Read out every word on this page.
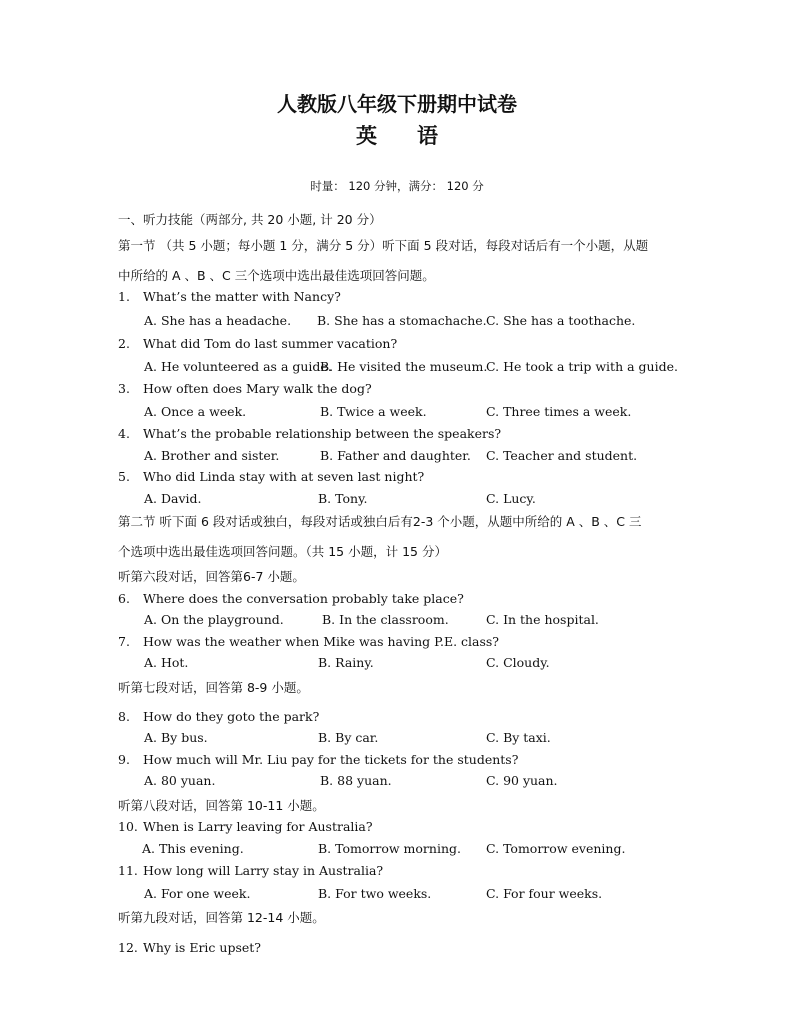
人教版八年级下册期中试卷
英语
时量： 120 分钟，满分： 120 分
一、听力技能（两部分, 共 20 小题, 计 20 分）
第一节 （共 5 小题；每小题 1 分，满分 5 分）听下面 5 段对话，每段对话后有一个小题，从题
中所给的 A 、B 、C 三个选项中选出最佳选项回答问题。
1. What’s the matter with Nancy?
A. She has a headache. B. She has a stomachache. C. She has a toothache.
2. What did Tom do last summer vacation?
A. He volunteered as a guide.
B. He visited the museum.
C. He took a trip with a guide.
3. How often does Mary walk the dog?
A. Once a week.	B. Twice a week.	C. Three times a week.
4. What’s the probable relationship between the speakers?
A. Brother and sister.	B. Father and daughter. C. Teacher and student.
5. Who did Linda stay with at seven last night?
A. David.	B. Tony.	C. Lucy.
第二节 听下面 6 段对话或独白，每段对话或独白后有2-3 个小题，从题中所给的 A 、B 、C 三
个选项中选出最佳选项回答问题。（共 15 小题，计 15 分）
听第六段对话，回答第6-7 小题。
6. Where does the conversation probably take place?
A. On the playground.	B. In the classroom.	C. In the hospital.
7. How was the weather when Mike was having P.E. class?
A. Hot.	B. Rainy.	C. Cloudy.
听第七段对话，回答第 8-9 小题。
8. How do they goto the park?
A. By bus.	B. By car.	C. By taxi.
9. How much will Mr. Liu pay for the tickets for the students?
A. 80 yuan.	B. 88 yuan.	C. 90 yuan.
听第八段对话，回答第 10-11 小题。
10. When is Larry leaving for Australia?
A. This evening.	B. Tomorrow morning. C. Tomorrow evening.
11. How long will Larry stay in Australia?
A. For one week.	B. For two weeks.	C. For four weeks.
听第九段对话，回答第 12-14 小题。
12. Why is Eric upset?
